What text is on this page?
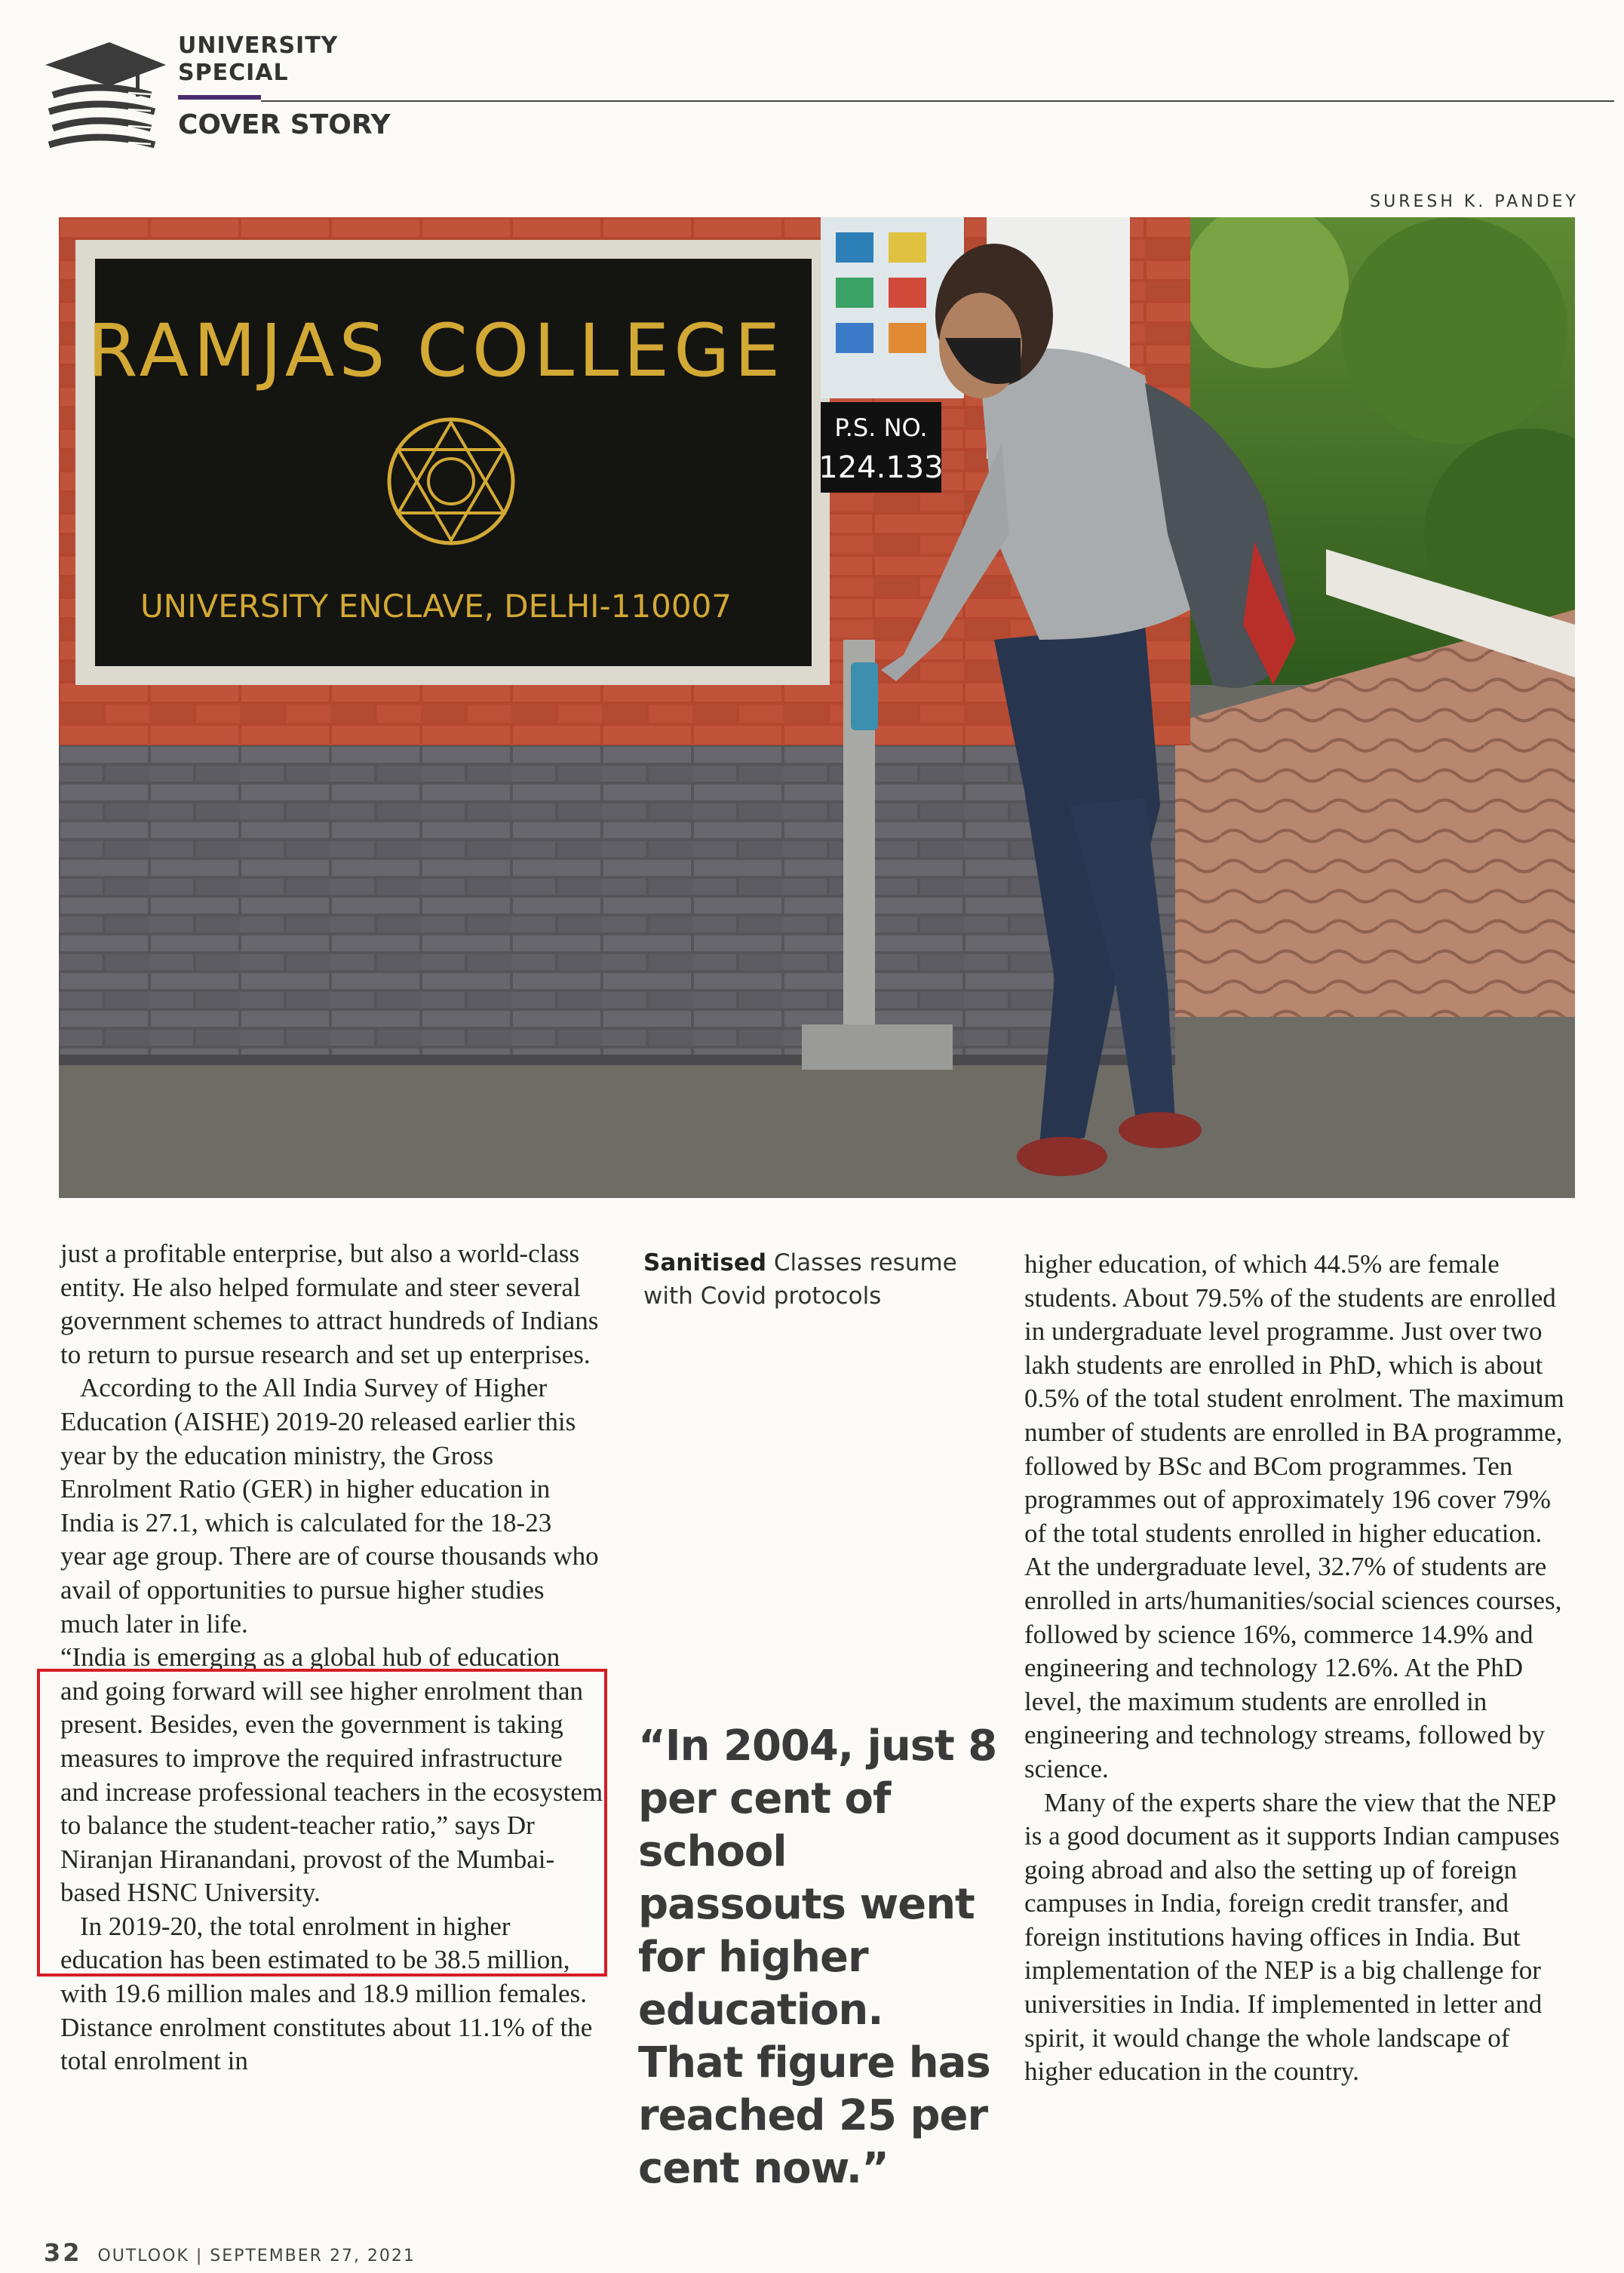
UNIVERSITY
SPECIAL
COVER STORY
SURESH K. PANDEY
RAMJAS COLLEGE
UNIVERSITY ENCLAVE, DELHI-110007
P.S. NO.
124.133

just a profitable enterprise, but also a world-class entity. He also helped formulate and steer several government schemes to attract hundreds of Indians to return to pursue research and set up enterprises.

According to the All India Survey of Higher Education (AISHE) 2019-20 released earlier this year by the education ministry, the Gross Enrolment Ratio (GER) in higher education in India is 27.1, which is calculated for the 18-23 year age group. There are of course thousands who avail of opportunities to pursue higher studies much later in life.

“India is emerging as a global hub of education and going forward will see higher enrolment than present. Besides, even the government is taking measures to improve the required infrastructure and increase professional teachers in the ecosystem to balance the student-teacher ratio,” says Dr Niranjan Hiranandani, provost of the Mumbai-based HSNC University.

In 2019-20, the total enrolment in higher education has been estimated to be 38.5 million, with 19.6 million males and 18.9 million females. Distance enrolment constitutes about 11.1% of the total enrolment in

Sanitised Classes resume with Covid protocols
“In 2004, just 8 per cent of school passouts went for higher education. That figure has reached 25 per cent now.”

higher education, of which 44.5% are female students. About 79.5% of the students are enrolled in undergraduate level programme. Just over two lakh students are enrolled in PhD, which is about 0.5% of the total student enrolment. The maximum number of students are enrolled in BA programme, followed by BSc and BCom programmes. Ten programmes out of approximately 196 cover 79% of the total students enrolled in higher education. At the undergraduate level, 32.7% of students are enrolled in arts/humanities/social sciences courses, followed by science 16%, commerce 14.9% and engineering and technology 12.6%. At the PhD level, the maximum students are enrolled in engineering and technology streams, followed by science.

Many of the experts share the view that the NEP is a good document as it supports Indian campuses going abroad and also the setting up of foreign campuses in India, foreign credit transfer, and foreign institutions having offices in India. But implementation of the NEP is a big challenge for universities in India. If implemented in letter and spirit, it would change the whole landscape of higher education in the country.

32 OUTLOOK | SEPTEMBER 27, 2021
